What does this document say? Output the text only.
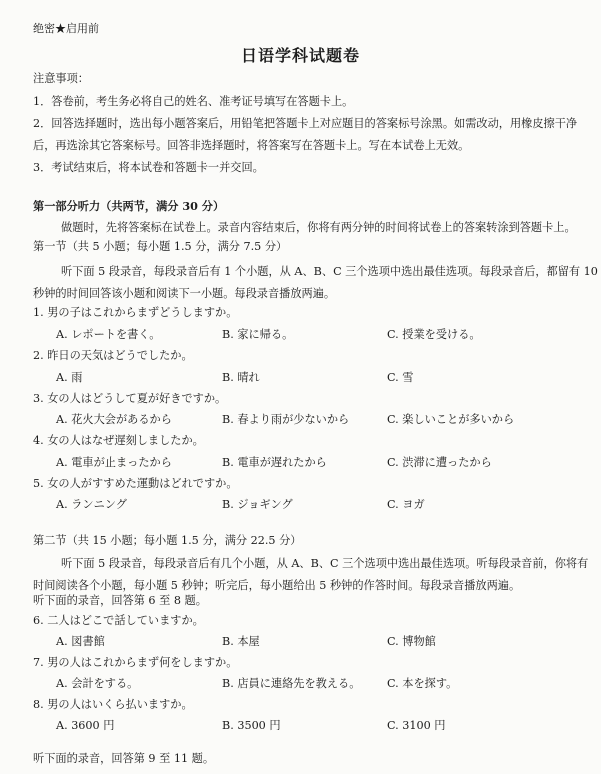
绝密★启用前
日语学科试题卷
注意事项：
1．答卷前，考生务必将自己的姓名、准考证号填写在答题卡上。
2．回答选择题时，选出每小题答案后，用铅笔把答题卡上对应题目的答案标号涂黑。如需改动，用橡皮擦干净后，再选涂其它答案标号。回答非选择题时，将答案写在答题卡上。写在本试卷上无效。
3．考试结束后，将本试卷和答题卡一并交回。
第一部分听力（共两节，满分 30 分）
做题时，先将答案标在试卷上。录音内容结束后，你将有两分钟的时间将试卷上的答案转涂到答题卡上。
第一节（共 5 小题；每小题 1.5 分，满分 7.5 分）
听下面 5 段录音，每段录音后有 1 个小题，从 A、B、C 三个选项中选出最佳选项。每段录音后，都留有 10 秒钟的时间回答该小题和阅读下一小题。每段录音播放两遍。
1. 男の子はこれからまずどうしますか。
A. レポートを書く。	B. 家に帰る。	C. 授業を受ける。
2. 昨日の天気はどうでしたか。
A. 雨	B. 晴れ	C. 雪
3. 女の人はどうして夏が好きですか。
A. 花火大会があるから	B. 春より雨が少ないから	C. 楽しいことが多いから
4. 女の人はなぜ遅刻しましたか。
A. 電車が止まったから	B. 電車が遅れたから	C. 渋滞に遭ったから
5. 女の人がすすめた運動はどれですか。
A. ランニング	B. ジョギング	C. ヨガ
第二节（共 15 小题；每小题 1.5 分，满分 22.5 分）
听下面 5 段录音，每段录音后有几个小题，从 A、B、C 三个选项中选出最佳选项。听每段录音前，你将有时间阅读各个小题，每小题 5 秒钟；听完后，每小题给出 5 秒钟的作答时间。每段录音播放两遍。
听下面的录音，回答第 6 至 8 题。
6. 二人はどこで話していますか。
A. 図書館	B. 本屋	C. 博物館
7. 男の人はこれからまず何をしますか。
A. 会計をする。	B. 店員に連絡先を教える。 C. 本を探す。
8. 男の人はいくら払いますか。
A. 3600 円	B. 3500 円	C. 3100 円
听下面的录音，回答第 9 至 11 题。
